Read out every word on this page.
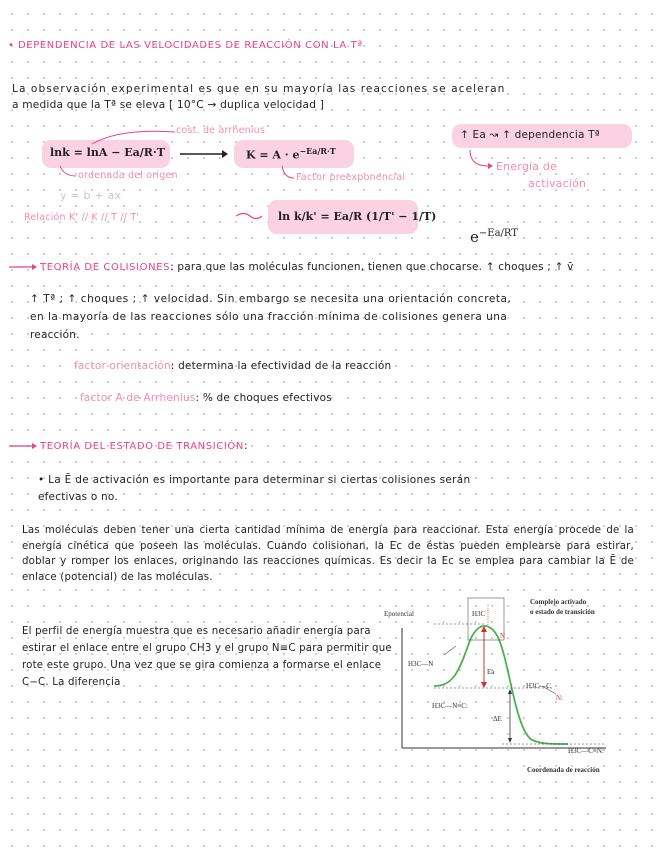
• DEPENDENCIA DE LAS VELOCIDADES DE REACCIÓN CON LA Tª
La observación experimental es que en su mayoría las reacciones se aceleran
a medida que la Tª se eleva [ 10°C → duplica velocidad ]
lnk = lnA − Ea/R·T	$K = A \cdot e^{-Ea/R\cdot T}$
cost. de arrhenius
ordenada del origen	Factor preexponencial
y = b + ax
Relación K' // K // T // T'	ln k/k' = Ea/R (1/T' − 1/T)
$e^{-Ea/RT}$
↑ Ea ↝ ↑ dependencia Tª
Energía de
activación
TEORÍA DE COLISIONES: para que las moléculas funcionen, tienen que chocarse. ↑ choques ; ↑ v̄
↑ Tª ; ↑ choques ; ↑ velocidad. Sin embargo se necesita una orientación concreta,
en la mayoría de las reacciones sólo una fracción mínima de colisiones genera una
reacción.
factor orientación: determina la efectividad de la reacción
factor A de Arrhenius: % de choques efectivos
TEORÍA DEL ESTADO DE TRANSICIÓN:
• La Ē de activación es importante para determinar si ciertas colisiones serán
efectivas o no.
Las moléculas deben tener una cierta cantidad mínima de energía para reaccionar. Esta energía procede de la energía cinética que poseen las moléculas. Cuando colisionan, la Ec de éstas pueden emplearse para estirar, doblar y romper los enlaces, originando las reacciones químicas. Es decir la Ec se emplea para cambiar la Ē de enlace (potencial) de las moléculas.
El perfil de energía muestra que es necesario añadir energía para estirar el enlace entre el grupo CH3 y el grupo N≡C para permitir que rote este grupo. Una vez que se gira comienza a formarse el enlace C−C. La diferencia
Epotencial
Coordenada de reacción
Complejo activado
o estado de transición
H3C
N
H3C—N
H3C—C
N:
Ea
ΔE
H3C—N≡C:
H3C—C≡N:
